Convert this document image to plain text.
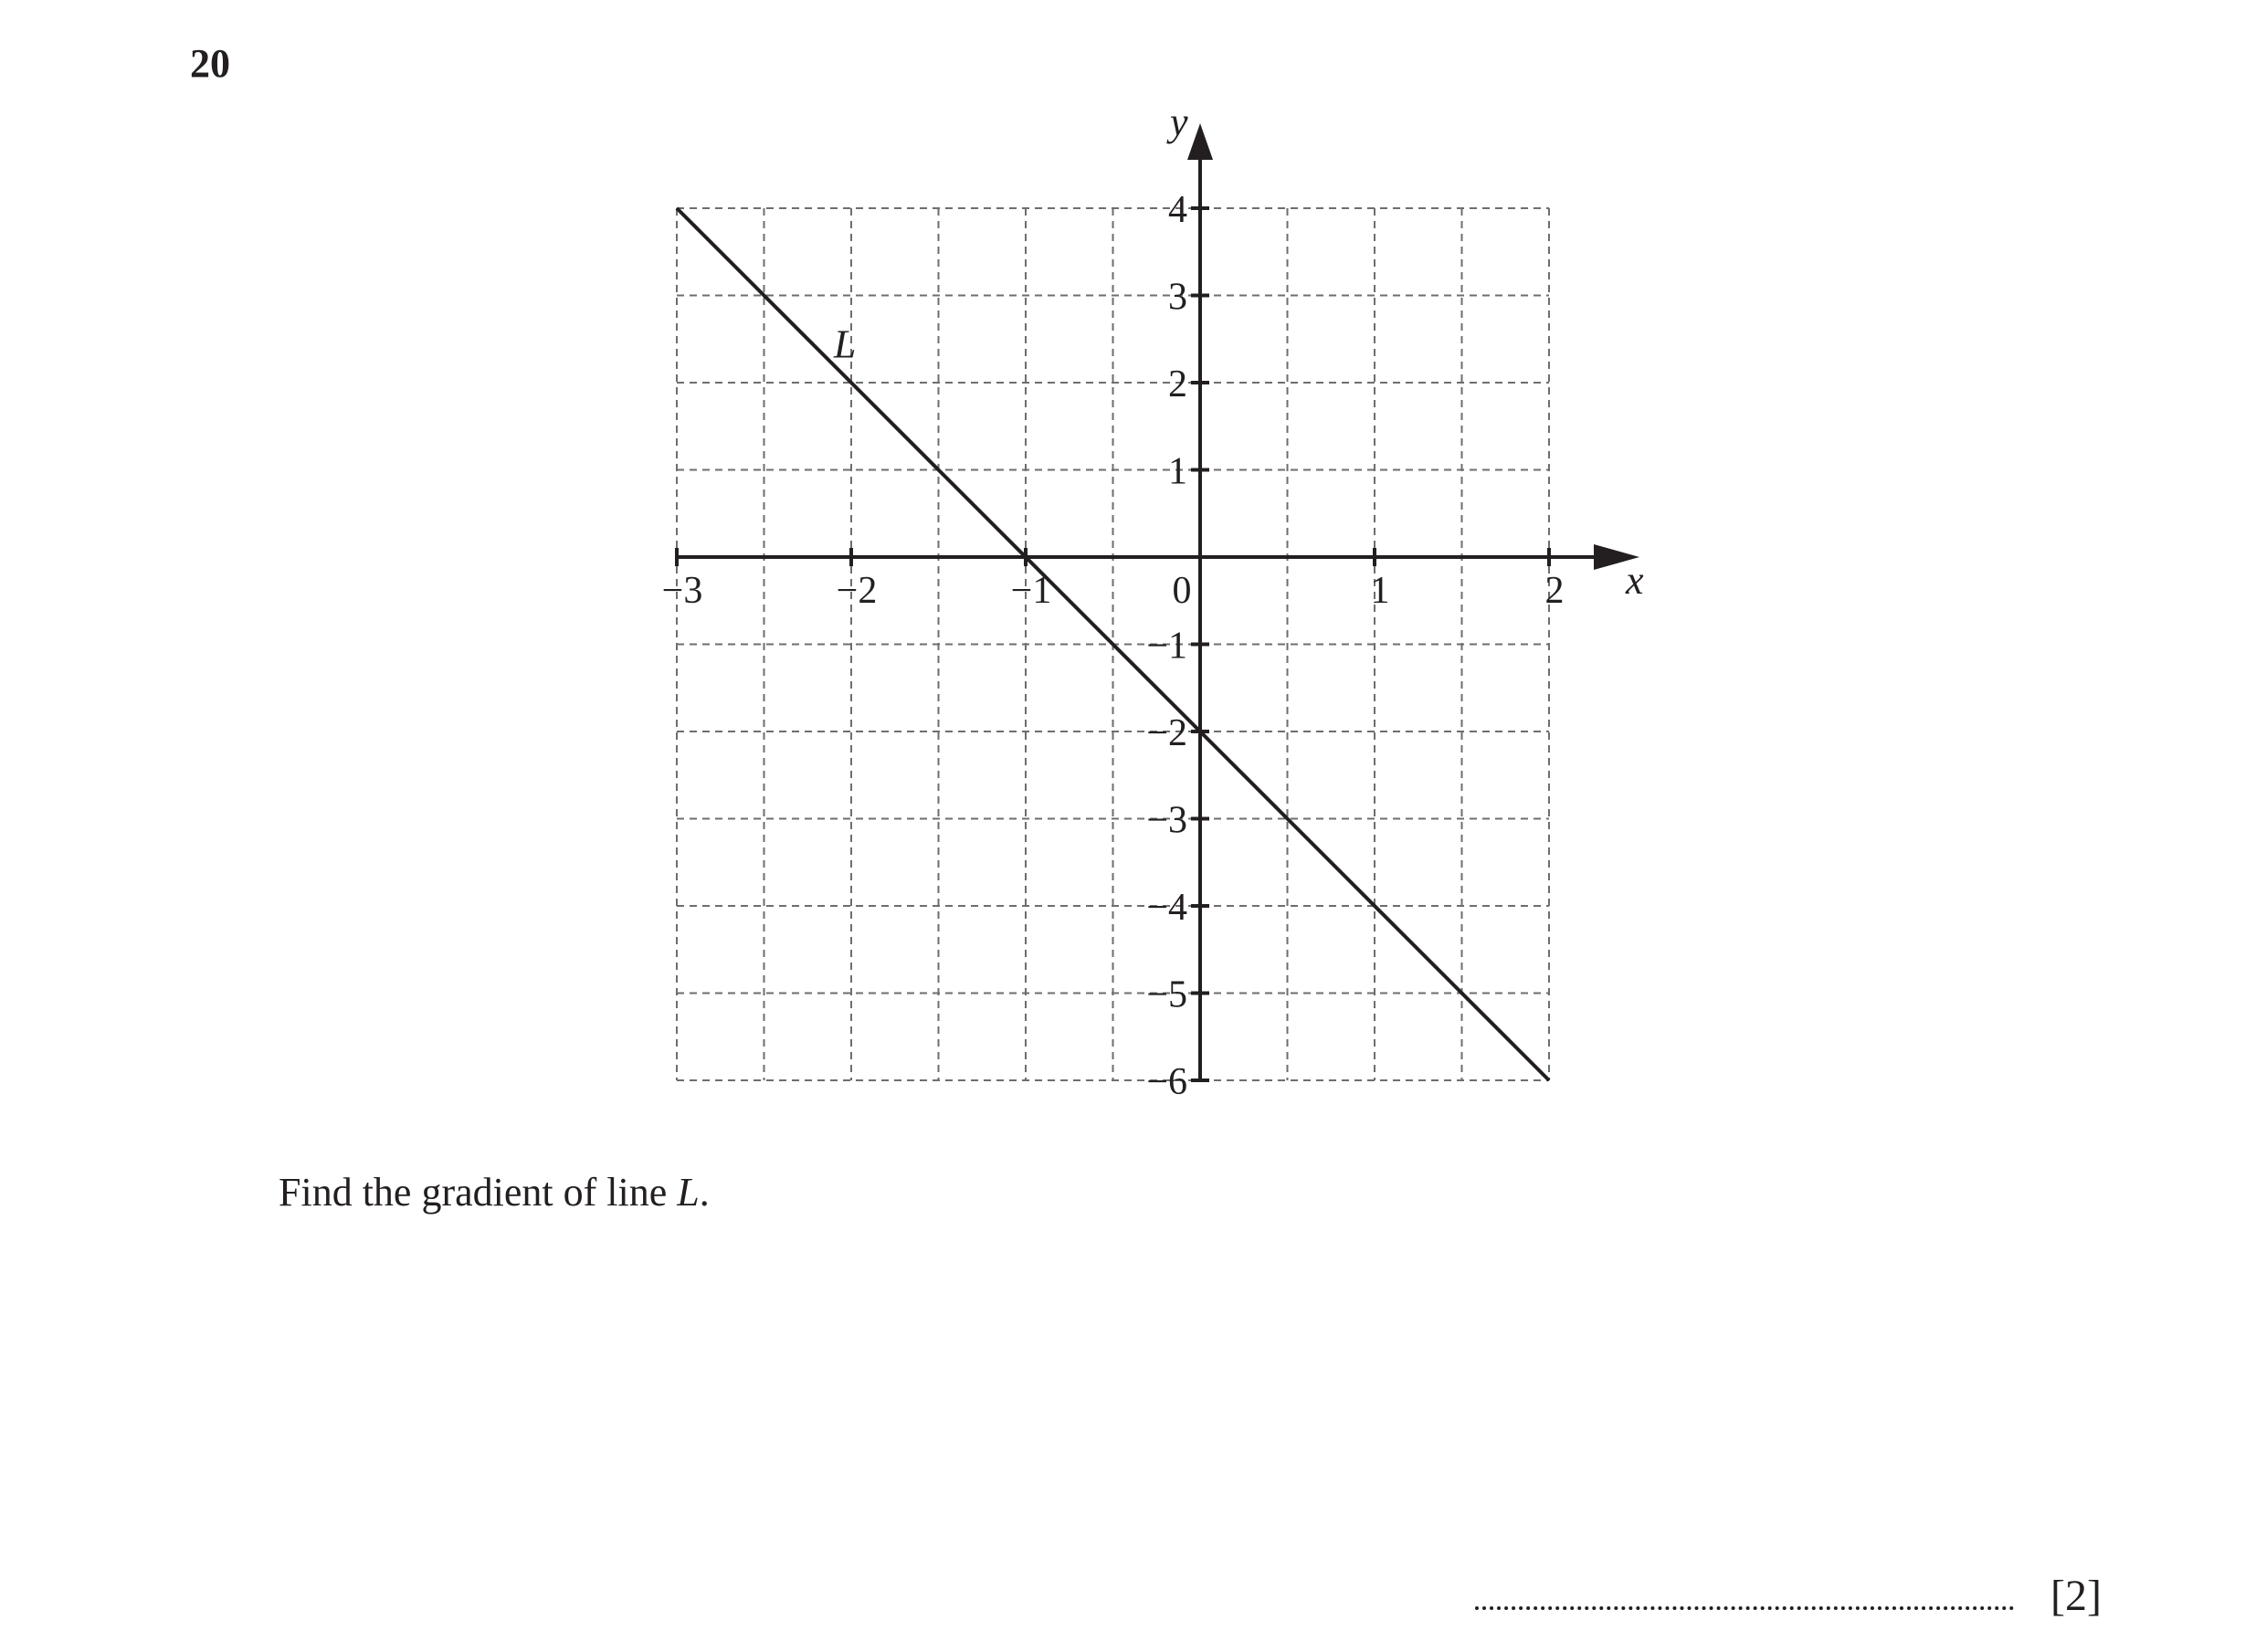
20
x
y
−3	−2	−1	0	1	2
4
3
2
1
−1
−2
−3
−4
−5
−6
L
Find the gradient of line L.
[2]
